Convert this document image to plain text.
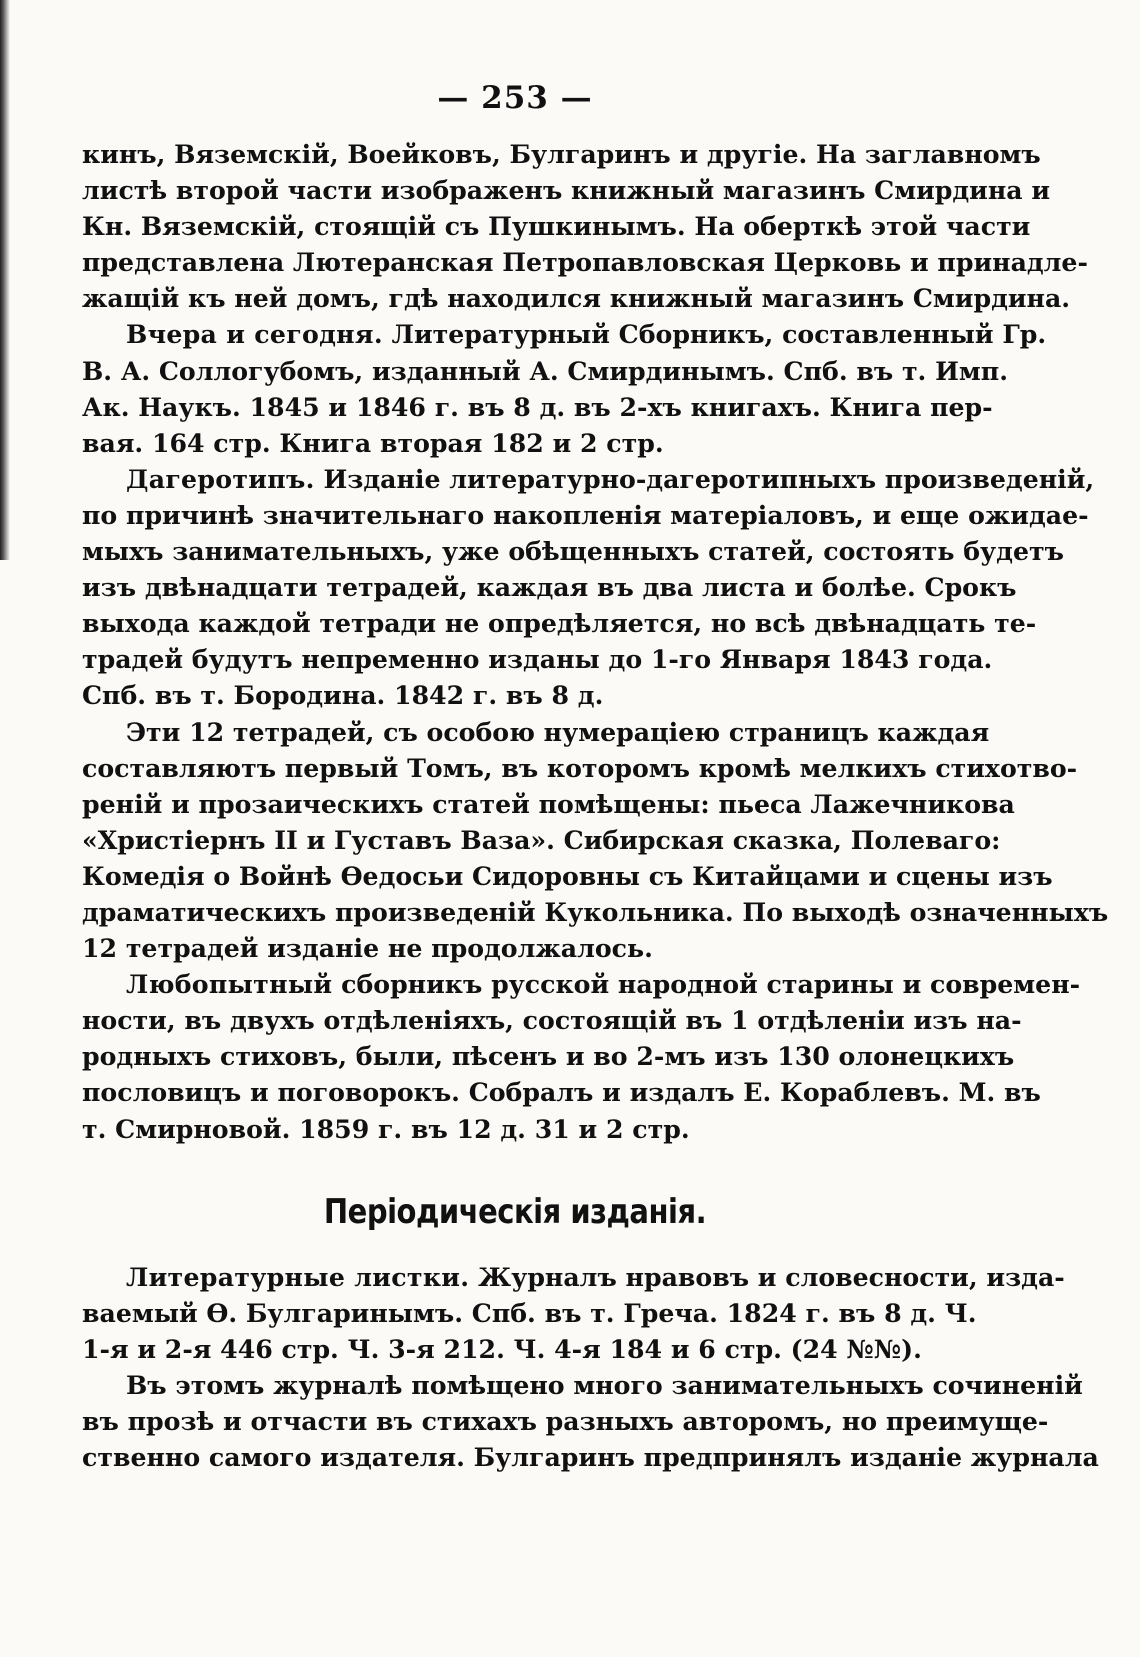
— 253 —
кинъ, Вяземскій, Воейковъ, Булгаринъ и другіе. На заглавномъ
листѣ второй части изображенъ книжный магазинъ Смирдина и
Кн. Вяземскій, стоящій съ Пушкинымъ. На оберткѣ этой части
представлена Лютеранская Петропавловская Церковь и принадле-
жащій къ ней домъ, гдѣ находился книжный магазинъ Смирдина.
Вчера и сегодня. Литературный Сборникъ, составленный Гр.
В. А. Соллогубомъ, изданный А. Смирдинымъ. Спб. въ т. Имп.
Ак. Наукъ. 1845 и 1846 г. въ 8 д. въ 2-хъ книгахъ. Книга пер-
вая. 164 стр. Книга вторая 182 и 2 стр.
Дагеротипъ. Изданіе литературно-дагеротипныхъ произведеній,
по причинѣ значительнаго накопленія матеріаловъ, и еще ожидае-
мыхъ занимательныхъ, уже обѣщенныхъ статей, состоять будетъ
изъ двѣнадцати тетрадей, каждая въ два листа и болѣе. Срокъ
выхода каждой тетради не опредѣляется, но всѣ двѣнадцать те-
традей будутъ непременно изданы до 1-го Января 1843 года.
Спб. въ т. Бородина. 1842 г. въ 8 д.
Эти 12 тетрадей, съ особою нумераціею страницъ каждая
составляютъ первый Томъ, въ которомъ кромѣ мелкихъ стихотво-
реній и прозаическихъ статей помѣщены: пьеса Лажечникова
«Христіернъ II и Густавъ Ваза». Сибирская сказка, Полеваго:
Комедія о Войнѣ Ѳедосьи Сидоровны съ Китайцами и сцены изъ
драматическихъ произведеній Кукольника. По выходѣ означенныхъ
12 тетрадей изданіе не продолжалось.
Любопытный сборникъ русской народной старины и современ-
ности, въ двухъ отдѣленіяхъ, состоящій въ 1 отдѣленіи изъ на-
родныхъ стиховъ, были, пѣсенъ и во 2-мъ изъ 130 олонецкихъ
пословицъ и поговорокъ. Собралъ и издалъ Е. Кораблевъ. М. въ
т. Смирновой. 1859 г. въ 12 д. 31 и 2 стр.
Періодическія изданія.
Литературные листки. Журналъ нравовъ и словесности, изда-
ваемый Ѳ. Булгаринымъ. Спб. въ т. Греча. 1824 г. въ 8 д. Ч.
1-я и 2-я 446 стр. Ч. 3-я 212. Ч. 4-я 184 и 6 стр. (24 №№).
Въ этомъ журналѣ помѣщено много занимательныхъ сочиненій
въ прозѣ и отчасти въ стихахъ разныхъ авторомъ, но преимуще-
ственно самого издателя. Булгаринъ предпринялъ изданіе журнала
